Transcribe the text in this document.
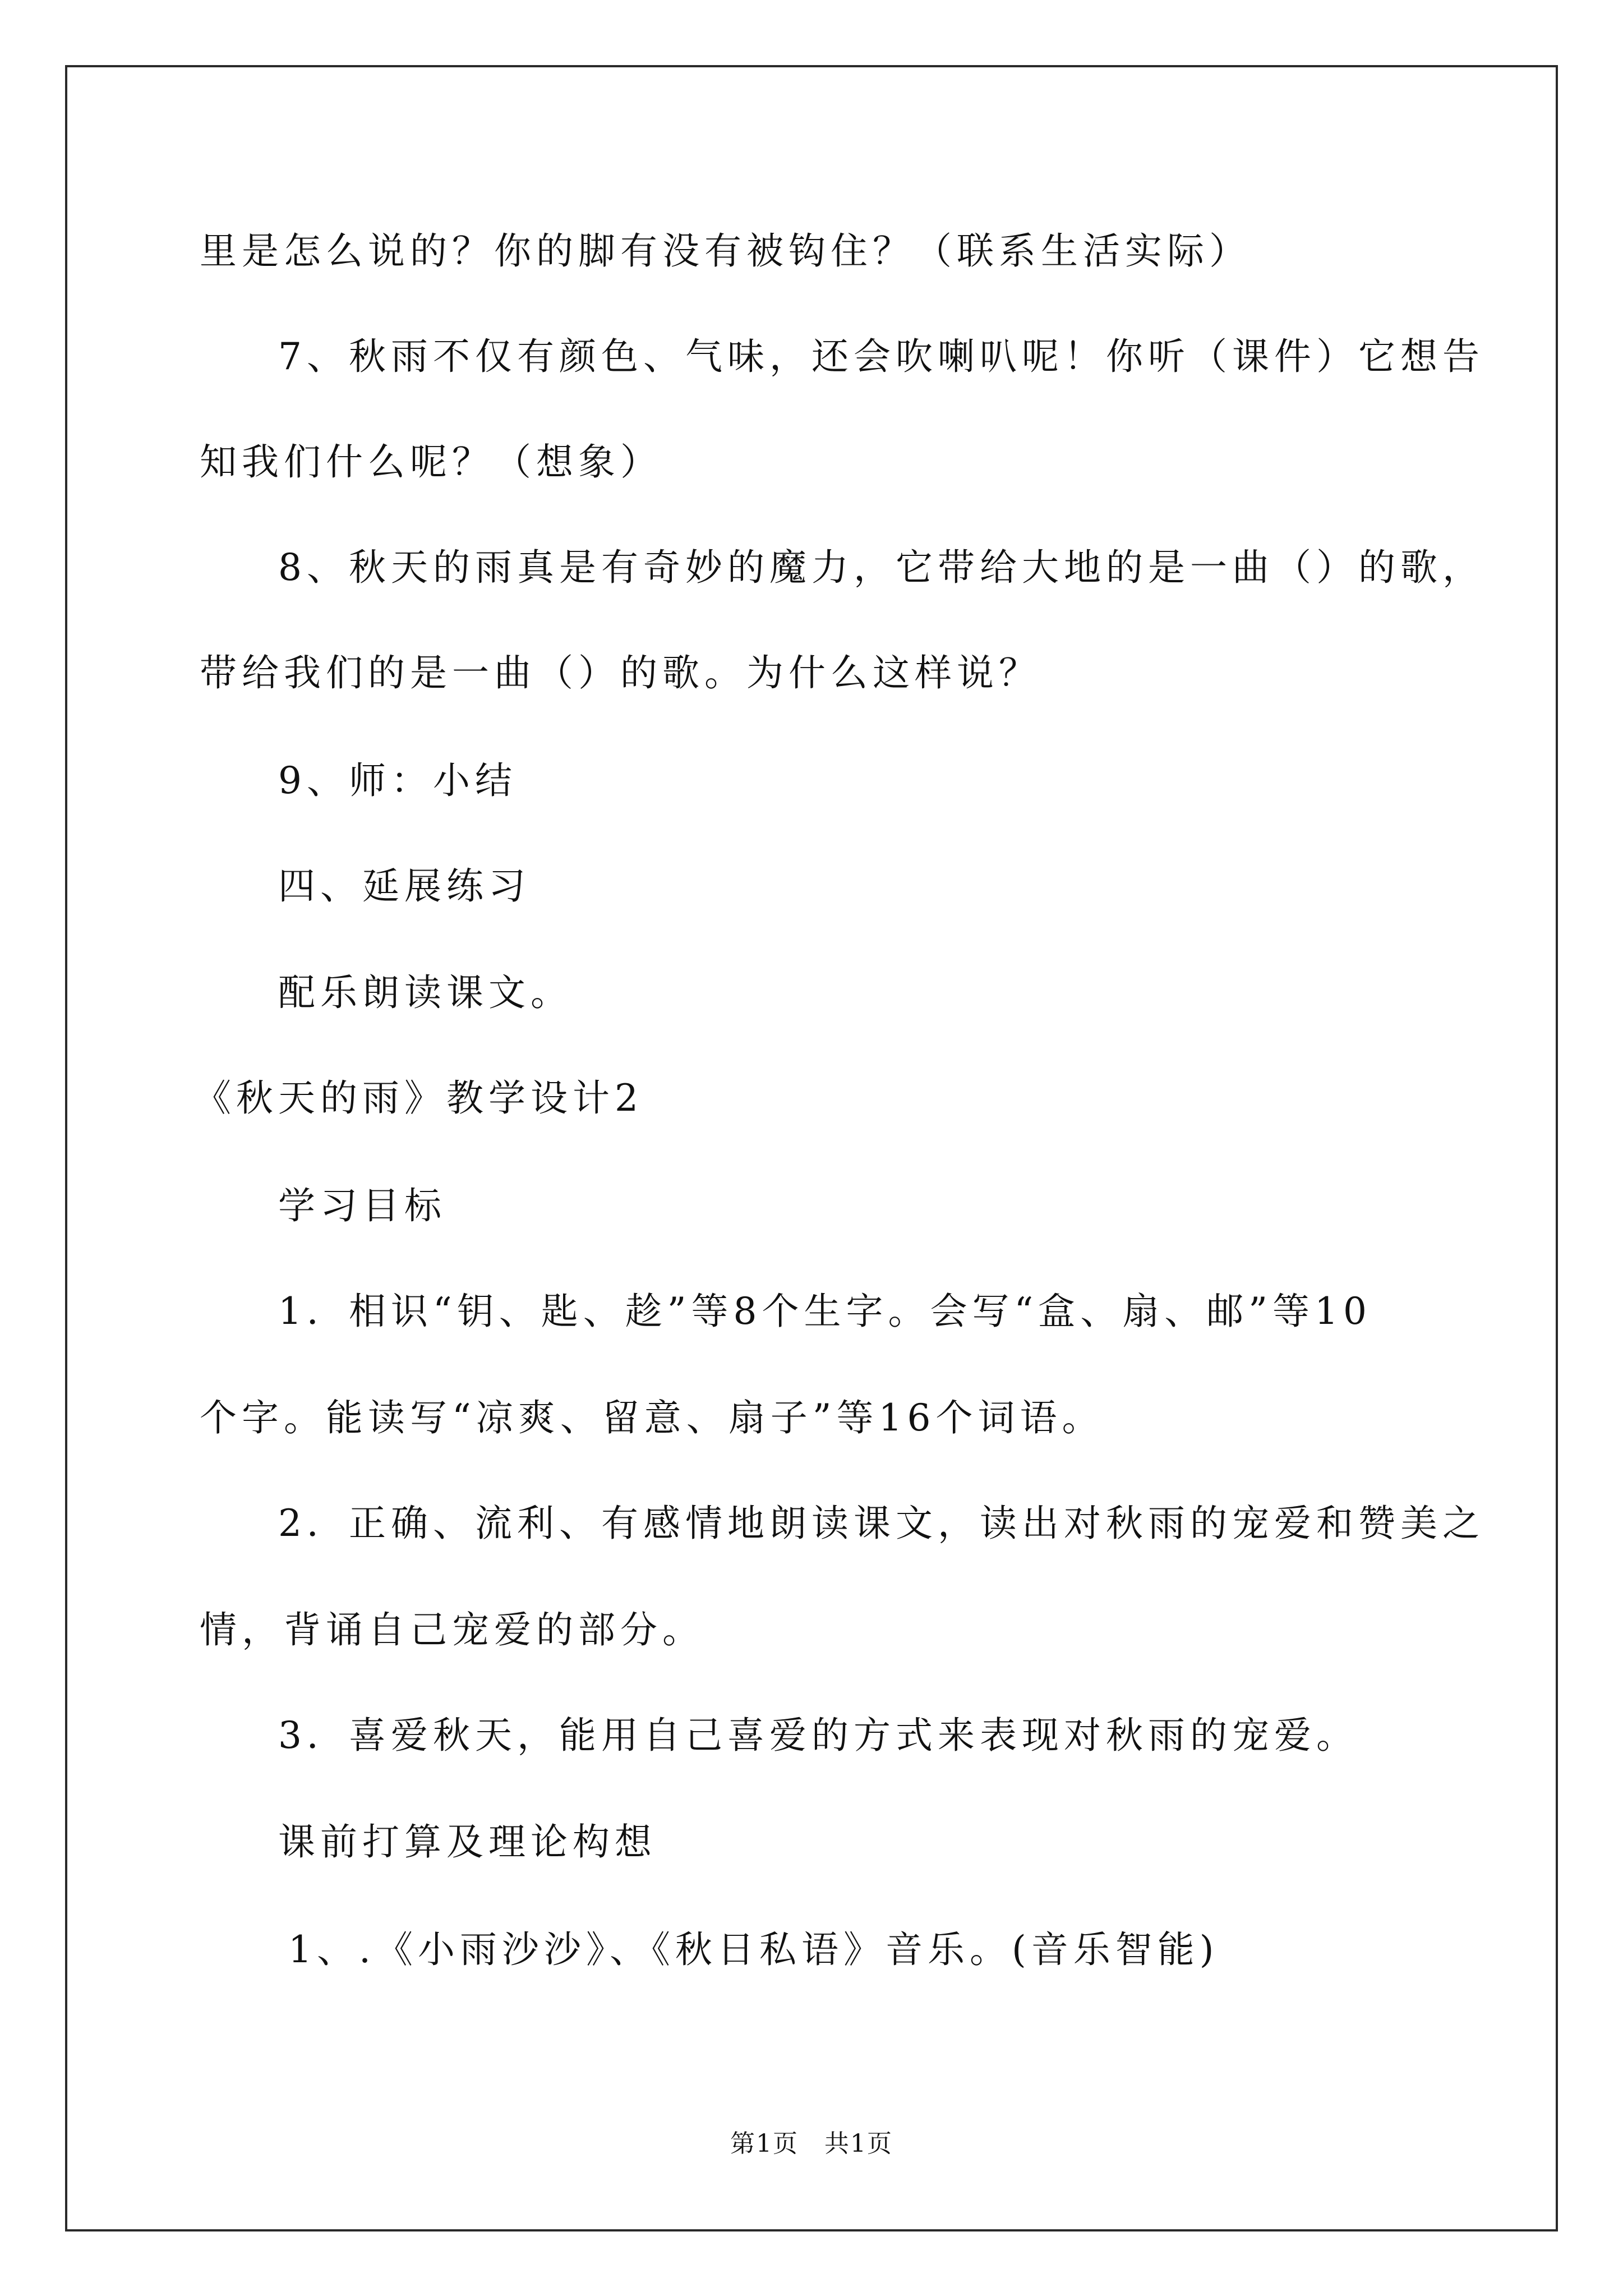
里是怎么说的？你的脚有没有被钩住？（联系生活实际）
7、秋雨不仅有颜色、气味，还会吹喇叭呢！你听（课件）它想告
知我们什么呢？（想象）
8、秋天的雨真是有奇妙的魔力，它带给大地的是一曲（）的歌，
带给我们的是一曲（）的歌。为什么这样说？
9、师：小结
四、延展练习
配乐朗读课文。
《秋天的雨》教学设计2
学习目标
1．相识“钥、匙、趁”等8个生字。会写“盒、扇、邮”等10
个字。能读写“凉爽、留意、扇子”等16个词语。
2．正确、流利、有感情地朗读课文，读出对秋雨的宠爱和赞美之
情，背诵自己宠爱的部分。
3．喜爱秋天，能用自己喜爱的方式来表现对秋雨的宠爱。
课前打算及理论构想
1、.《小雨沙沙》、《秋日私语》音乐。(音乐智能)
第1页　共1页
